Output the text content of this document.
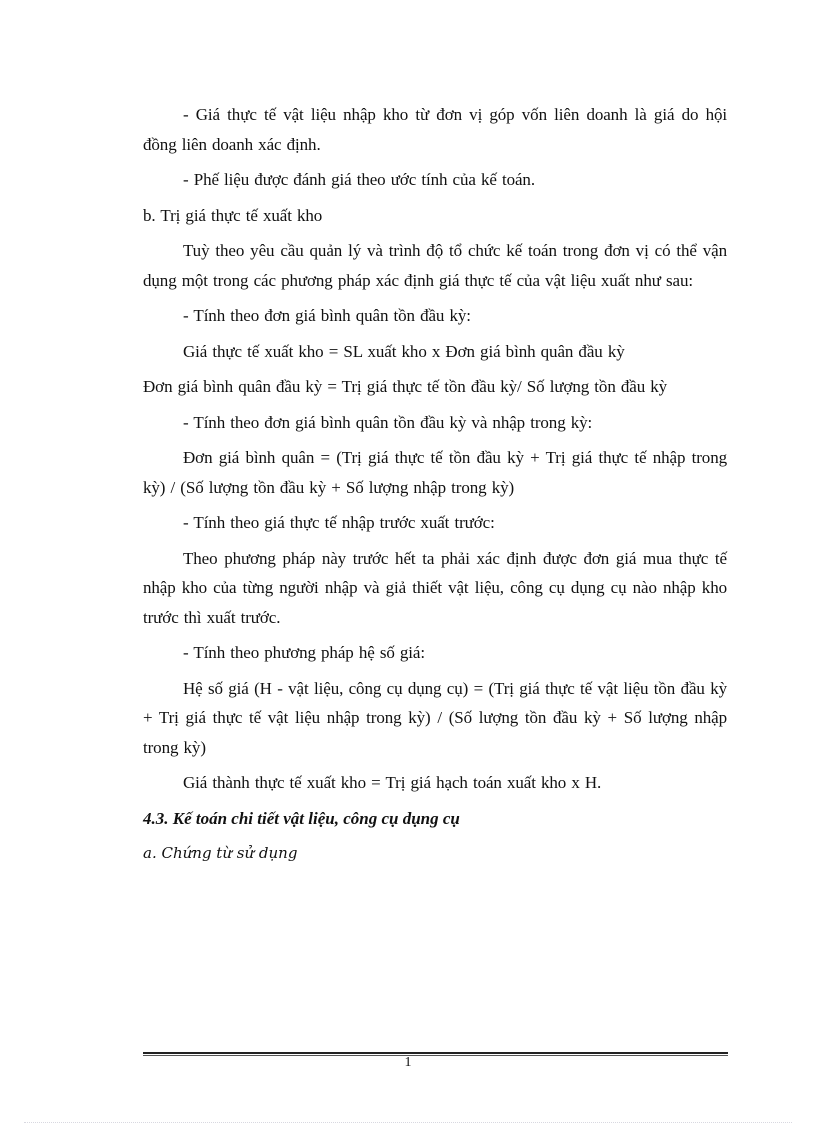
- Giá thực tế vật liệu nhập kho từ đơn vị góp vốn liên doanh là giá do hội đồng liên doanh xác định.

- Phế liệu được đánh giá theo ước tính của kế toán.

b. Trị giá thực tế xuất kho

Tuỳ theo yêu cầu quản lý và trình độ tổ chức kế toán trong đơn vị có thể vận dụng một trong các phương pháp xác định giá thực tế của vật liệu xuất như sau:

- Tính theo đơn giá bình quân tồn đầu kỳ:

Giá thực tế xuất kho = SL xuất kho x Đơn giá bình quân đầu kỳ

Đơn giá bình quân đầu kỳ = Trị giá thực tế tồn đầu kỳ/ Số lượng tồn đầu kỳ

- Tính theo đơn giá bình quân tồn đầu kỳ và nhập trong kỳ:

Đơn giá bình quân = (Trị giá thực tế tồn đầu kỳ + Trị giá thực tế nhập trong kỳ) / (Số lượng tồn đầu kỳ + Số lượng nhập trong kỳ)

- Tính theo giá thực tế nhập trước xuất trước:

Theo phương pháp này trước hết ta phải xác định được đơn giá mua thực tế nhập kho của từng người nhập và giả thiết vật liệu, công cụ dụng cụ nào nhập kho trước thì xuất trước.

- Tính theo phương pháp hệ số giá:

Hệ số giá (H - vật liệu, công cụ dụng cụ) = (Trị giá thực tế vật liệu tồn đầu kỳ + Trị giá thực tế vật liệu nhập trong kỳ) / (Số lượng tồn đầu kỳ + Số lượng nhập trong kỳ)

Giá thành thực tế xuất kho = Trị giá hạch toán xuất kho x H.

4.3. Kế toán chi tiết vật liệu, công cụ dụng cụ

a. Chứng từ sử dụng

1
